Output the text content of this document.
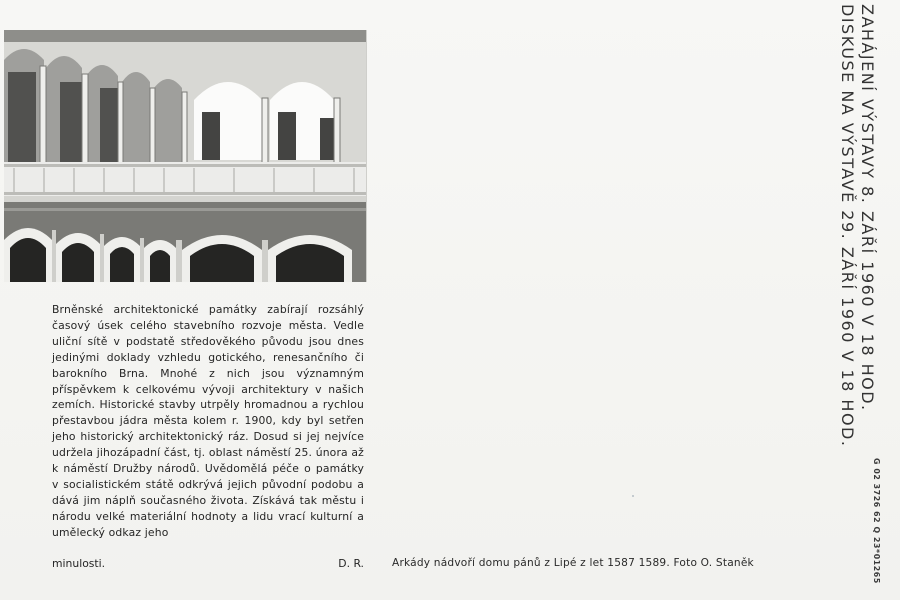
Brněnské architektonické památky zabírají rozsáhlý časový úsek celého stavebního rozvoje města. Vedle uliční sítě v podstatě středověkého původu jsou dnes jedinými doklady vzhledu gotického, renesančního či barokního Brna. Mnohé z nich jsou významným příspěvkem k celkovému vývoji architektury v našich zemích. Historické stavby utrpěly hromadnou a rychlou přestavbou jádra města kolem r. 1900, kdy byl setřen jeho historický architektonický ráz. Dosud si jej nejvíce udržela jihozápadní část, tj. oblast náměstí 25. února až k náměstí Družby národů. Uvědomělá péče o památky v socialistickém státě odkrývá jejich původní podobu a dává jim náplň současného života. Získává tak městu i národu velké materiální hodnoty a lidu vrací kulturní a umělecký odkaz jeho

minulosti.	D. R.	Arkády nádvoří domu pánů z Lipé z let 1587 1589. Foto O. Staněk
ZAHÁJENÍ VÝSTAVY 8. ZÁŘÍ 1960 V 18 HOD.
DISKUSE NA VÝSTAVĚ 29. ZÁŘÍ 1960 V 18 HOD.
G 02 3726 62 Q 23*01265
